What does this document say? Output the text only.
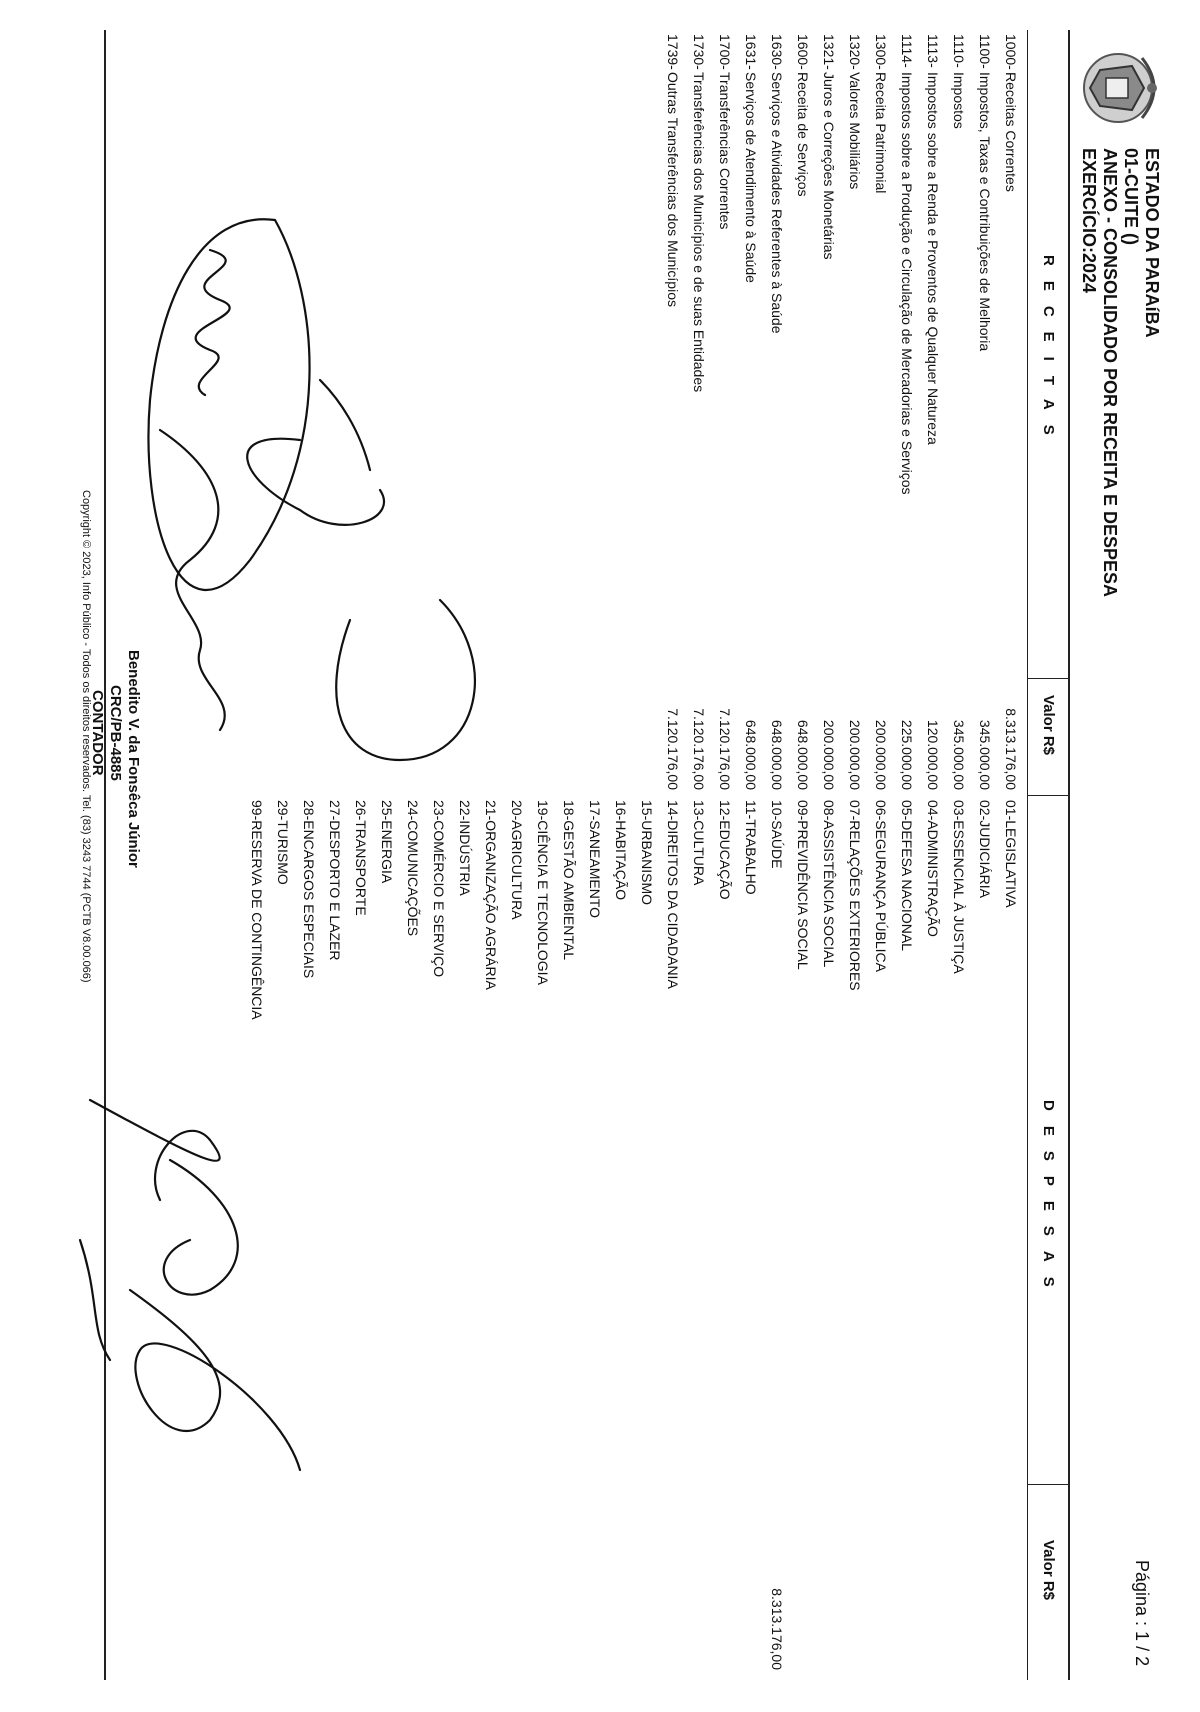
ESTADO DA PARAíBA
01-CUITE ()
ANEXO - CONSOLIDADO POR RECEITA E DESPESA
EXERCÍCIO:2024
Página : 1 / 2
RECEITAS
Valor R$
DESPESAS
Valor R$
1000-Receitas Correntes
1100-Impostos, Taxas e Contribuições de Melhoria
1110-Impostos
1113-Impostos sobre a Renda e Proventos de Qualquer Natureza
1114-Impostos sobre a Produção e Circulação de Mercadorias e Serviços
1300-Receita Patrimonial
1320-Valores Mobiliários
1321-Juros e Correções Monetárias
1600-Receita de Serviços
1630-Serviços e Atividades Referentes à Saúde
1631-Serviços de Atendimento à Saúde
1700-Transferências Correntes
1730-Transferências dos Municípios e de suas Entidades
1739-Outras Transferências dos Municípios
8.313.176,00
345.000,00
345.000,00
120.000,00
225.000,00
200.000,00
200.000,00
200.000,00
648.000,00
648.000,00
648.000,00
7.120.176,00
7.120.176,00
7.120.176,00
01-LEGISLATIVA
02-JUDICIÁRIA
03-ESSENCIAL À JUSTIÇA
04-ADMINISTRAÇÃO
05-DEFESA NACIONAL
06-SEGURANÇA PÚBLICA
07-RELAÇÕES EXTERIORES
08-ASSISTÊNCIA SOCIAL
09-PREVIDÊNCIA SOCIAL
10-SAÚDE
11-TRABALHO
12-EDUCAÇÃO
13-CULTURA
14-DIREITOS DA CIDADANIA
15-URBANISMO
16-HABITAÇÃO
17-SANEAMENTO
18-GESTÃO AMBIENTAL
19-CIÊNCIA E TECNOLOGIA
20-AGRICULTURA
21-ORGANIZAÇÃO AGRÁRIA
22-INDÚSTRIA
23-COMÉRCIO E SERVIÇO
24-COMUNICAÇÕES
25-ENERGIA
26-TRANSPORTE
27-DESPORTO E LAZER
28-ENCARGOS ESPECIAIS
29-TURISMO
99-RESERVA DE CONTINGÊNCIA
8.313.176,00
Benedito V. da Fonsêca Júnior
CRC/PB-4885
CONTADOR
Copyright © 2023, Info Público - Todos os direitos reservados. Tel. (83) 3243 7744 (PCTB V8.00.066)
